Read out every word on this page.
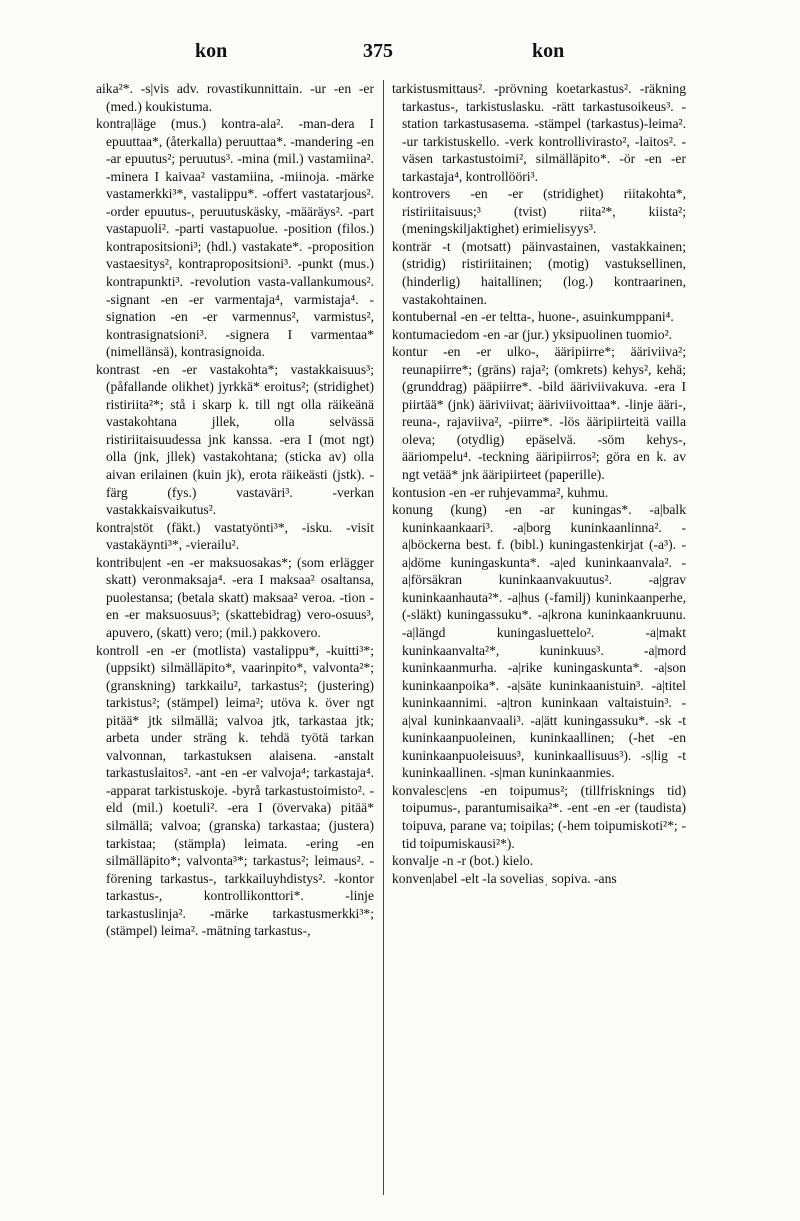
kon	375	kon

aika²*. -s|vis adv. rovastikunnittain. -ur -en -er (med.) koukistuma.

kontra|läge (mus.) kontra-ala². -man-dera I epuuttaa*, (återkalla) peruuttaa*. -mandering -en -ar epuutus²; peruutus³. -mina (mil.) vastamiina². -minera I kaivaa² vastamiina, -miinoja. -märke vastamerkki³*, vastalippu*. -offert vastatarjous². -order epuutus-, peruutuskäsky, -määräys². -part vastapuoli². -parti vastapuolue. -position (filos.) kontrapositsioni³; (hdl.) vastakate*. -proposition vastaesitys², kontrapropositsioni³. -punkt (mus.) kontrapunkti³. -revolution vasta-vallankumous². -signant -en -er varmentaja⁴, varmistaja⁴. -signation -en -er varmennus², varmistus², kontrasignatsioni³. -signera I varmentaa* (nimellänsä), kontrasignoida.

kontrast -en -er vastakohta*; vastakkaisuus³; (påfallande olikhet) jyrkkä* eroitus²; (stridighet) ristiriita²*; stå i skarp k. till ngt olla räikeänä vastakohtana jllek, olla selvässä ristiriitaisuudessa jnk kanssa. -era I (mot ngt) olla (jnk, jllek) vastakohtana; (sticka av) olla aivan erilainen (kuin jk), erota räikeästi (jstk). -färg (fys.) vastaväri³. -verkan vastakkaisvaikutus².

kontra|stöt (fäkt.) vastatyönti³*, -isku. -visit vastakäynti³*, -vierailu².

kontribu|ent -en -er maksuosakas*; (som erlägger skatt) veronmaksaja⁴. -era I maksaa² osaltansa, puolestansa; (betala skatt) maksaa² veroa. -tion -en -er maksuosuus³; (skattebidrag) vero-osuus³, apuvero, (skatt) vero; (mil.) pakkovero.

kontroll -en -er (motlista) vastalippu*, -kuitti³*; (uppsikt) silmälläpito*, vaarinpito*, valvonta²*; (granskning) tarkkailu², tarkastus²; (justering) tarkistus²; (stämpel) leima²; utöva k. över ngt pitää* jtk silmällä; valvoa jtk, tarkastaa jtk; arbeta under sträng k. tehdä työtä tarkan valvonnan, tarkastuksen alaisena. -anstalt tarkastuslaitos². -ant -en -er valvoja⁴; tarkastaja⁴. -apparat tarkistuskoje. -byrå tarkastustoimisto². -eld (mil.) koetuli². -era I (övervaka) pitää* silmällä; valvoa; (granska) tarkastaa; (justera) tarkistaa; (stämpla) leimata. -ering -en silmälläpito*; valvonta³*; tarkastus²; leimaus². -förening tarkastus-, tarkkailuyhdistys². -kontor tarkastus-, kontrollikonttori*. -linje tarkastuslinja². -märke tarkastusmerkki³*; (stämpel) leima². -mätning tarkastus-,

tarkistusmittaus². -prövning koetarkastus². -räkning tarkastus-, tarkistuslasku. -rätt tarkastusoikeus³. -station tarkastusasema. -stämpel (tarkastus)-leima². -ur tarkistuskello. -verk kontrollivirasto², -laitos². -väsen tarkastustoimi², silmälläpito*. -ör -en -er tarkastaja⁴, kontrollööri³.

kontrovers -en -er (stridighet) riitakohta*, ristiriitaisuus;³ (tvist) riita²*, kiista²; (meningskiljaktighet) erimielisyys³.

konträr -t (motsatt) päinvastainen, vastakkainen; (stridig) ristiriitainen; (motig) vastuksellinen, (hinderlig) haitallinen; (log.) kontraarinen, vastakohtainen.

kontubernal -en -er teltta-, huone-, asuinkumppani⁴.

kontumaciedom -en -ar (jur.) yksipuolinen tuomio².

kontur -en -er ulko-, ääripiirre*; ääriviiva²; reunapiirre*; (gräns) raja²; (omkrets) kehys², kehä; (grunddrag) pääpiirre*. -bild ääriviivakuva. -era I piirtää* (jnk) ääriviivat; ääriviivoittaa*. -linje ääri-, reuna-, rajaviiva², -piirre*. -lös ääripiirteitä vailla oleva; (otydlig) epäselvä. -söm kehys-, ääriompelu⁴. -teckning ääripiirros²; göra en k. av ngt vetää* jnk ääripiirteet (paperille).

kontusion -en -er ruhjevamma², kuhmu.

konung (kung) -en -ar kuningas*. -a|balk kuninkaankaari³. -a|borg kuninkaanlinna². -a|böckerna best. f. (bibl.) kuningastenkirjat (-a³). -a|döme kuningaskunta*. -a|ed kuninkaanvala². -a|försäkran kuninkaanvakuutus². -a|grav kuninkaanhauta²*. -a|hus (-familj) kuninkaanperhe, (-släkt) kuningassuku*. -a|krona kuninkaankruunu. -a|längd kuningasluettelo². -a|makt kuninkaanvalta²*, kuninkuus³. -a|mord kuninkaanmurha. -a|rike kuningaskunta*. -a|son kuninkaanpoika*. -a|säte kuninkaanistuin³. -a|titel kuninkaannimi. -a|tron kuninkaan valtaistuin³. -a|val kuninkaanvaali³. -a|ätt kuningassuku*. -sk -t kuninkaanpuoleinen, kuninkaallinen; (-het -en kuninkaanpuoleisuus³, kuninkaallisuus³). -s|lig -t kuninkaallinen. -s|man kuninkaanmies.

konvalesc|ens -en toipumus²; (tillfrisknings tid) toipumus-, parantumisaika²*. -ent -en -er (taudista) toipuva, parane va; toipilas; (-hem toipumiskoti²*; -tid toipumiskausi²*).

konvalje -n -r (bot.) kielo.

konven|abel -elt -la soveliasˌ sopiva. -ans
